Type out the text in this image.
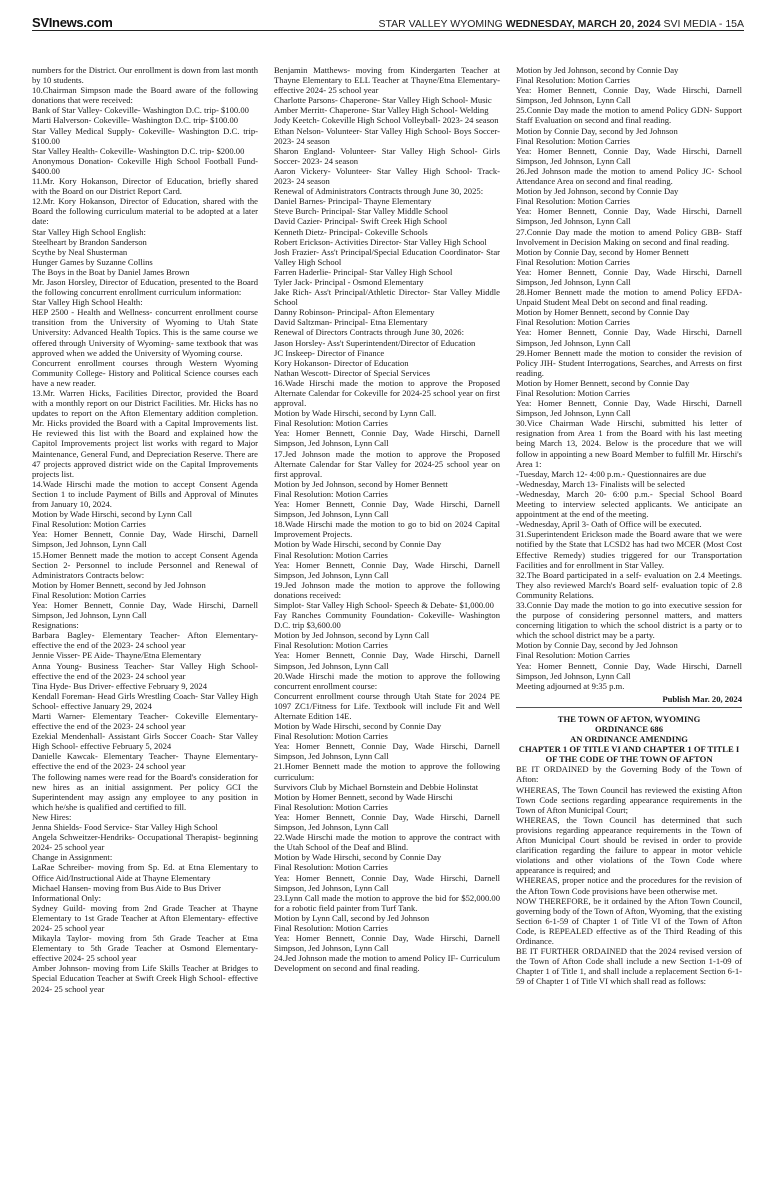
SVInews.com	STAR VALLEY WYOMING WEDNESDAY, MARCH 20, 2024 SVI MEDIA - 15A

numbers for the District. Our enrollment is down from last month by 10 students.

10.Chairman Simpson made the Board aware of the following donations that were received:

Bank of Star Valley- Cokeville- Washington D.C. trip- $100.00

Marti Halverson- Cokeville- Washington D.C. trip- $100.00

Star Valley Medical Supply- Cokeville- Washington D.C. trip- $100.00

Star Valley Health- Cokeville- Washington D.C. trip- $200.00

Anonymous Donation- Cokeville High School Football Fund- $400.00

11.Mr. Kory Hokanson, Director of Education, briefly shared with the Board on our District Report Card.

12.Mr. Kory Hokanson, Director of Education, shared with the Board the following curriculum material to be adopted at a later date:

Star Valley High School English:

Steelheart by Brandon Sanderson

Scythe by Neal Shusterman

Hunger Games by Suzanne Collins

The Boys in the Boat by Daniel James Brown

Mr. Jason Horsley, Director of Education, presented to the Board the following concurrent enrollment curriculum information:

Star Valley High School Health:

HEP 2500 - Health and Wellness- concurrent enrollment course transition from the University of Wyoming to Utah State University: Advanced Health Topics. This is the same course we offered through University of Wyoming- same textbook that was approved when we added the University of Wyoming course.

Concurrent enrollment courses through Western Wyoming Community College- History and Political Science courses each have a new reader.

13.Mr. Warren Hicks, Facilities Director, provided the Board with a monthly report on our District Facilities. Mr. Hicks has no updates to report on the Afton Elementary addition completion. Mr. Hicks provided the Board with a Capital Improvements list. He reviewed this list with the Board and explained how the Capitol Improvements project list works with regard to Major Maintenance, General Fund, and Depreciation Reserve. There are 47 projects approved district wide on the Capital Improvements projects list.

14.Wade Hirschi made the motion to accept Consent Agenda Section 1 to include Payment of Bills and Approval of Minutes from January 10, 2024.

Motion by Wade Hirschi, second by Lynn Call

Final Resolution: Motion Carries

Yea: Homer Bennett, Connie Day, Wade Hirschi, Darnell Simpson, Jed Johnson, Lynn Call

15.Homer Bennett made the motion to accept Consent Agenda Section 2- Personnel to include Personnel and Renewal of Administrators Contracts below:

Motion by Homer Bennett, second by Jed Johnson

Final Resolution: Motion Carries

Yea: Homer Bennett, Connie Day, Wade Hirschi, Darnell Simpson, Jed Johnson, Lynn Call

Resignations:

Barbara Bagley- Elementary Teacher- Afton Elementary- effective the end of the 2023- 24 school year

Jennie Visser- PE Aide- Thayne/Etna Elementary

Anna Young- Business Teacher- Star Valley High School- effective the end of the 2023- 24 school year

Tina Hyde- Bus Driver- effective February 9, 2024

Kendall Foreman- Head Girls Wrestling Coach- Star Valley High School- effective January 29, 2024

Marti Warner- Elementary Teacher- Cokeville Elementary- effective the end of the 2023- 24 school year

Ezekial Mendenhall- Assistant Girls Soccer Coach- Star Valley High School- effective February 5, 2024

Danielle Kawcak- Elementary Teacher- Thayne Elementary- effective the end of the 2023- 24 school year

The following names were read for the Board's consideration for new hires as an initial assignment. Per policy GCI the Superintendent may assign any employee to any position in which he/she is qualified and certified to fill.

New Hires:

Jenna Shields- Food Service- Star Valley High School

Angela Schweitzer-Hendriks- Occupational Therapist- beginning 2024- 25 school year

Change in Assignment:

LaRae Schreiber- moving from Sp. Ed. at Etna Elementary to Office Aid/Instructional Aide at Thayne Elementary

Michael Hansen- moving from Bus Aide to Bus Driver

Informational Only:

Sydney Guild- moving from 2nd Grade Teacher at Thayne Elementary to 1st Grade Teacher at Afton Elementary- effective 2024- 25 school year

Mikayla Taylor- moving from 5th Grade Teacher at Etna Elementary to 5th Grade Teacher at Osmond Elementary- effective 2024- 25 school year

Amber Johnson- moving from Life Skills Teacher at Bridges to Special Education Teacher at Swift Creek High School- effective 2024- 25 school year

Benjamin Matthews- moving from Kindergarten Teacher at Thayne Elementary to ELL Teacher at Thayne/Etna Elementary- effective 2024- 25 school year

Charlotte Parsons- Chaperone- Star Valley High School- Music

Amber Merritt- Chaperone- Star Valley High School- Welding

Jody Keetch- Cokeville High School Volleyball- 2023- 24 season

Ethan Nelson- Volunteer- Star Valley High School- Boys Soccer- 2023- 24 season

Sharon England- Volunteer- Star Valley High School- Girls Soccer- 2023- 24 season

Aaron Vickery- Volunteer- Star Valley High School- Track- 2023- 24 season

Renewal of Administrators Contracts through June 30, 2025:

Daniel Barnes- Principal- Thayne Elementary

Steve Burch- Principal- Star Valley Middle School

David Cazier- Principal- Swift Creek High School

Kenneth Dietz- Principal- Cokeville Schools

Robert Erickson- Activities Director- Star Valley High School

Josh Frazier- Ass't Principal/Special Education Coordinator- Star Valley High School

Farren Haderlie- Principal- Star Valley High School

Tyler Jack- Principal - Osmond Elementary

Jake Rich- Ass't Principal/Athletic Director- Star Valley Middle School

Danny Robinson- Principal- Afton Elementary

David Saltzman- Principal- Etna Elementary

Renewal of Directors Contracts through June 30, 2026:

Jason Horsley- Ass't Superintendent/Director of Education

JC Inskeep- Director of Finance

Kory Hokanson- Director of Education

Nathan Wescott- Director of Special Services

16.Wade Hirschi made the motion to approve the Proposed Alternate Calendar for Cokeville for 2024-25 school year on first approval.

Motion by Wade Hirschi, second by Lynn Call.

Final Resolution: Motion Carries

Yea: Homer Bennett, Connie Day, Wade Hirschi, Darnell Simpson, Jed Johnson, Lynn Call

17.Jed Johnson made the motion to approve the Proposed Alternate Calendar for Star Valley for 2024-25 school year on first approval.

Motion by Jed Johnson, second by Homer Bennett

Final Resolution: Motion Carries

Yea: Homer Bennett, Connie Day, Wade Hirschi, Darnell Simpson, Jed Johnson, Lynn Call

18.Wade Hirschi made the motion to go to bid on 2024 Capital Improvement Projects.

Motion by Wade Hirschi, second by Connie Day

Final Resolution: Motion Carries

Yea: Homer Bennett, Connie Day, Wade Hirschi, Darnell Simpson, Jed Johnson, Lynn Call

19.Jed Johnson made the motion to approve the following donations received:

Simplot- Star Valley High School- Speech & Debate- $1,000.00

Fay Ranches Community Foundation- Cokeville- Washington D.C. trip $3,600.00

Motion by Jed Johnson, second by Lynn Call

Final Resolution: Motion Carries

Yea: Homer Bennett, Connie Day, Wade Hirschi, Darnell Simpson, Jed Johnson, Lynn Call

20.Wade Hirschi made the motion to approve the following concurrent enrollment course:

Concurrent enrollment course through Utah State for 2024 PE 1097 ZC1/Fitness for Life. Textbook will include Fit and Well Alternate Edition 14E.

Motion by Wade Hirschi, second by Connie Day

Final Resolution: Motion Carries

Yea: Homer Bennett, Connie Day, Wade Hirschi, Darnell Simpson, Jed Johnson, Lynn Call

21.Homer Bennett made the motion to approve the following curriculum:

Survivors Club by Michael Bornstein and Debbie Holinstat

Motion by Homer Bennett, second by Wade Hirschi

Final Resolution: Motion Carries

Yea: Homer Bennett, Connie Day, Wade Hirschi, Darnell Simpson, Jed Johnson, Lynn Call

22.Wade Hirschi made the motion to approve the contract with the Utah School of the Deaf and Blind.

Motion by Wade Hirschi, second by Connie Day

Final Resolution: Motion Carries

Yea: Homer Bennett, Connie Day, Wade Hirschi, Darnell Simpson, Jed Johnson, Lynn Call

23.Lynn Call made the motion to approve the bid for $52,000.00 for a robotic field painter from Turf Tank.

Motion by Lynn Call, second by Jed Johnson

Final Resolution: Motion Carries

Yea: Homer Bennett, Connie Day, Wade Hirschi, Darnell Simpson, Jed Johnson, Lynn Call

24.Jed Johnson made the motion to amend Policy IF- Curriculum Development on second and final reading.

Motion by Jed Johnson, second by Connie Day

Final Resolution: Motion Carries

Yea: Homer Bennett, Connie Day, Wade Hirschi, Darnell Simpson, Jed Johnson, Lynn Call

25.Connie Day made the motion to amend Policy GDN- Support Staff Evaluation on second and final reading.

Motion by Connie Day, second by Jed Johnson

Final Resolution: Motion Carries

Yea: Homer Bennett, Connie Day, Wade Hirschi, Darnell Simpson, Jed Johnson, Lynn Call

26.Jed Johnson made the motion to amend Policy JC- School Attendance Area on second and final reading.

Motion by Jed Johnson, second by Connie Day

Final Resolution: Motion Carries

Yea: Homer Bennett, Connie Day, Wade Hirschi, Darnell Simpson, Jed Johnson, Lynn Call

27.Connie Day made the motion to amend Policy GBB- Staff Involvement in Decision Making on second and final reading.

Motion by Connie Day, second by Homer Bennett

Final Resolution: Motion Carries

Yea: Homer Bennett, Connie Day, Wade Hirschi, Darnell Simpson, Jed Johnson, Lynn Call

28.Homer Bennett made the motion to amend Policy EFDA- Unpaid Student Meal Debt on second and final reading.

Motion by Homer Bennett, second by Connie Day

Final Resolution: Motion Carries

Yea: Homer Bennett, Connie Day, Wade Hirschi, Darnell Simpson, Jed Johnson, Lynn Call

29.Homer Bennett made the motion to consider the revision of Policy JIH- Student Interrogations, Searches, and Arrests on first reading.

Motion by Homer Bennett, second by Connie Day

Final Resolution: Motion Carries

Yea: Homer Bennett, Connie Day, Wade Hirschi, Darnell Simpson, Jed Johnson, Lynn Call

30.Vice Chairman Wade Hirschi, submitted his letter of resignation from Area 1 from the Board with his last meeting being March 13, 2024. Below is the procedure that we will follow in appointing a new Board Member to fulfill Mr. Hirschi's Area 1:

-Tuesday, March 12- 4:00 p.m.- Questionnaires are due

-Wednesday, March 13- Finalists will be selected

-Wednesday, March 20- 6:00 p.m.- Special School Board Meeting to interview selected applicants. We anticipate an appointment at the end of the meeting.

-Wednesday, April 3- Oath of Office will be executed.

31.Superintendent Erickson made the Board aware that we were notified by the State that LCSD2 has had two MCER (Most Cost Effective Remedy) studies triggered for our Transportation Facilities and for enrollment in Star Valley.

32.The Board participated in a self- evaluation on 2.4 Meetings. They also reviewed March's Board self- evaluation topic of 2.8 Community Relations.

33.Connie Day made the motion to go into executive session for the purpose of considering personnel matters, and matters concerning litigation to which the school district is a party or to which the school district may be a party.

Motion by Connie Day, second by Jed Johnson

Final Resolution: Motion Carries

Yea: Homer Bennett, Connie Day, Wade Hirschi, Darnell Simpson, Jed Johnson, Lynn Call

Meeting adjourned at 9:35 p.m.

Publish Mar. 20, 2024

THE TOWN OF AFTON, WYOMING

ORDINANCE 686

AN ORDINANCE AMENDING

CHAPTER 1 OF TITLE VI AND CHAPTER 1 OF TITLE I OF THE CODE OF THE TOWN OF AFTON

BE IT ORDAINED by the Governing Body of the Town of Afton:

WHEREAS, The Town Council has reviewed the existing Afton Town Code sections regarding appearance requirements in the Town of Afton Municipal Court;

WHEREAS, the Town Council has determined that such provisions regarding appearance requirements in the Town of Afton Municipal Court should be revised in order to provide clarification regarding the failure to appear in motor vehicle violations and other violations of the Town Code where appearance is required; and

WHEREAS, proper notice and the procedures for the revision of the Afton Town Code provisions have been otherwise met.

NOW THEREFORE, be it ordained by the Afton Town Council, governing body of the Town of Afton, Wyoming, that the existing Section 6-1-59 of Chapter 1 of Title VI of the Town of Afton Code, is REPEALED effective as of the Third Reading of this Ordinance.

BE IT FURTHER ORDAINED that the 2024 revised version of the Town of Afton Code shall include a new Section 1-1-09 of Chapter 1 of Title 1, and shall include a replacement Section 6-1-59 of Chapter 1 of Title VI which shall read as follows:
